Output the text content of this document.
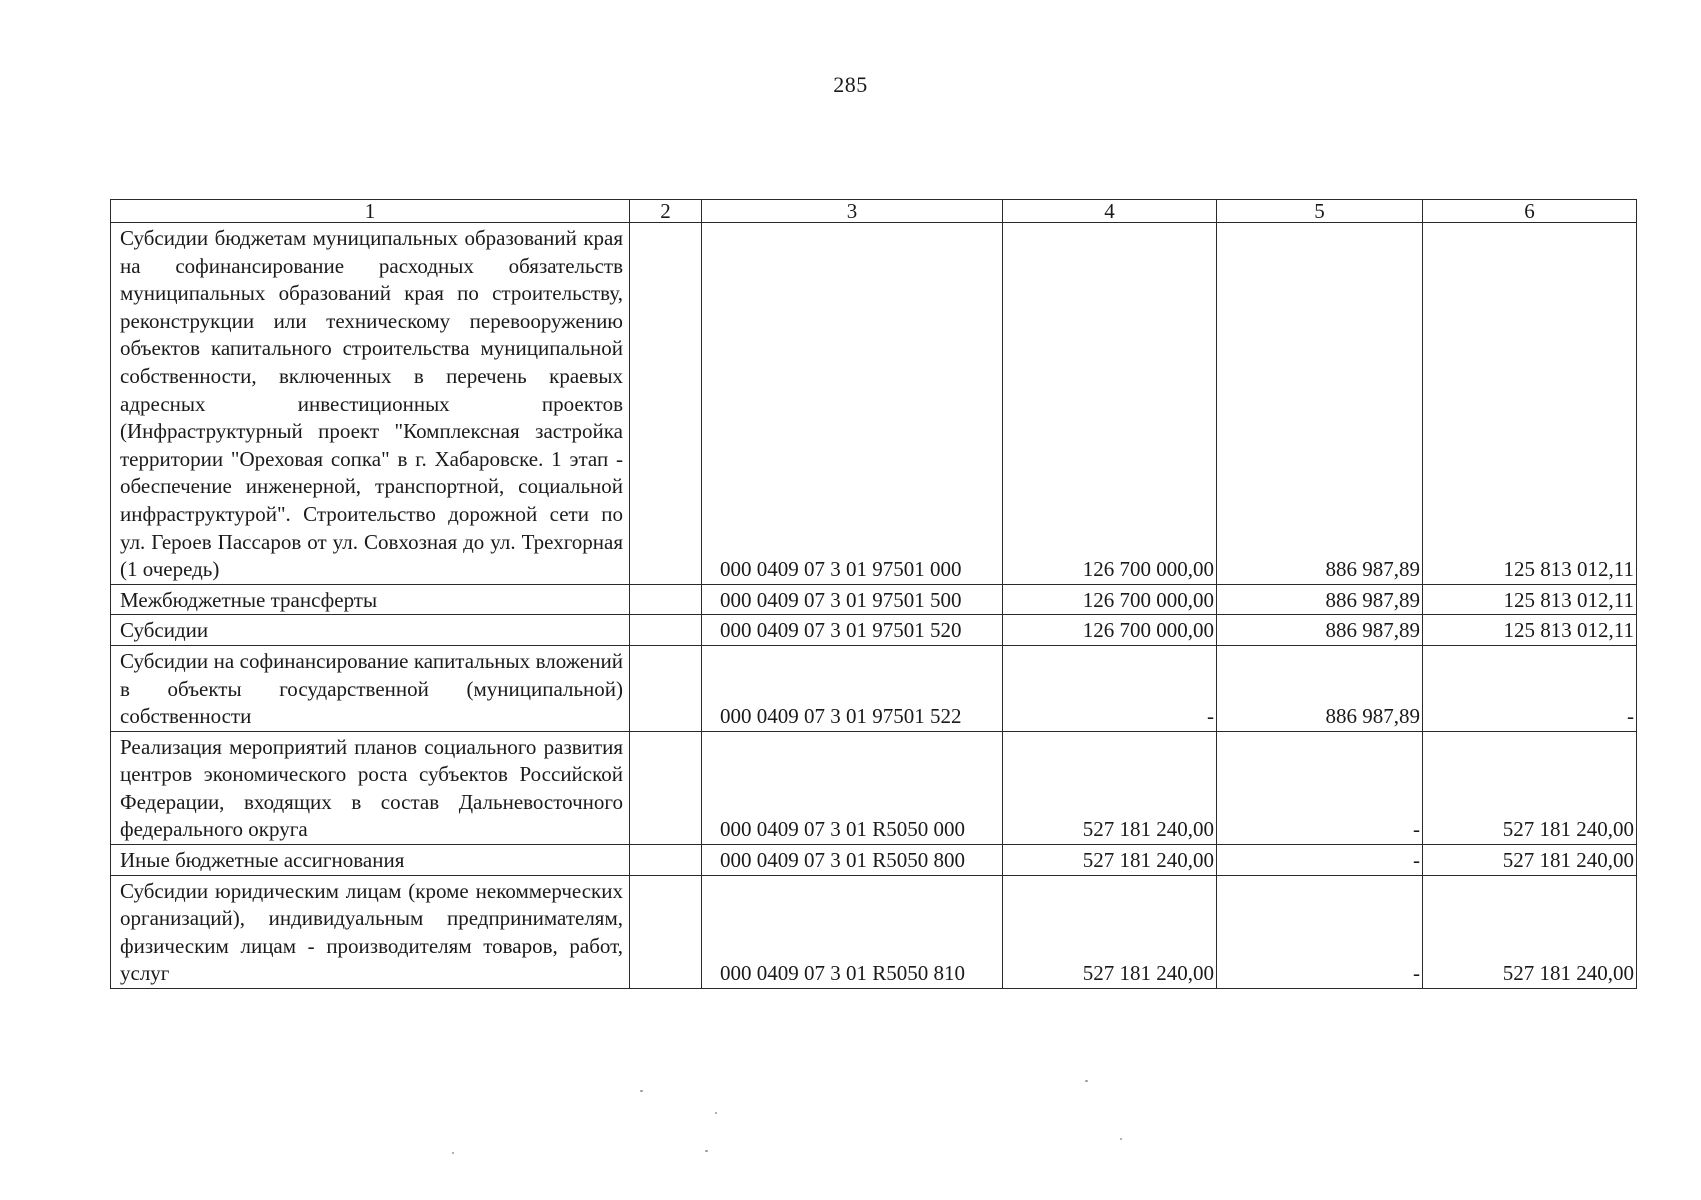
285
1	2	3	4	5	6
Субсидии бюджетам муниципальных образований края на софинансирование расходных обязательств муниципальных образований края по строительству, реконструкции или техническому перевооружению объектов капитального строительства муниципальной собственности, включенных в перечень краевых адресных инвестиционных проектов (Инфраструктурный проект "Комплексная застройка территории "Ореховая сопка" в г. Хабаровске. 1 этап - обеспечение инженерной, транспортной, социальной инфраструктурой". Строительство дорожной сети по ул. Героев Пассаров от ул. Совхозная до ул. Трехгорная (1 очередь)		000 0409 07 3 01 97501 000	126 700 000,00	886 987,89	125 813 012,11
Межбюджетные трансферты		000 0409 07 3 01 97501 500	126 700 000,00	886 987,89	125 813 012,11
Субсидии		000 0409 07 3 01 97501 520	126 700 000,00	886 987,89	125 813 012,11
Субсидии на софинансирование капитальных вложений в объекты государственной (муниципальной) собственности		000 0409 07 3 01 97501 522	-	886 987,89	-
Реализация мероприятий планов социального развития центров экономического роста субъектов Российской Федерации, входящих в состав Дальневосточного федерального округа		000 0409 07 3 01 R5050 000	527 181 240,00	-	527 181 240,00
Иные бюджетные ассигнования		000 0409 07 3 01 R5050 800	527 181 240,00	-	527 181 240,00
Субсидии юридическим лицам (кроме некоммерческих организаций), индивидуальным предпринимателям, физическим лицам - производителям товаров, работ, услуг		000 0409 07 3 01 R5050 810	527 181 240,00	-	527 181 240,00
